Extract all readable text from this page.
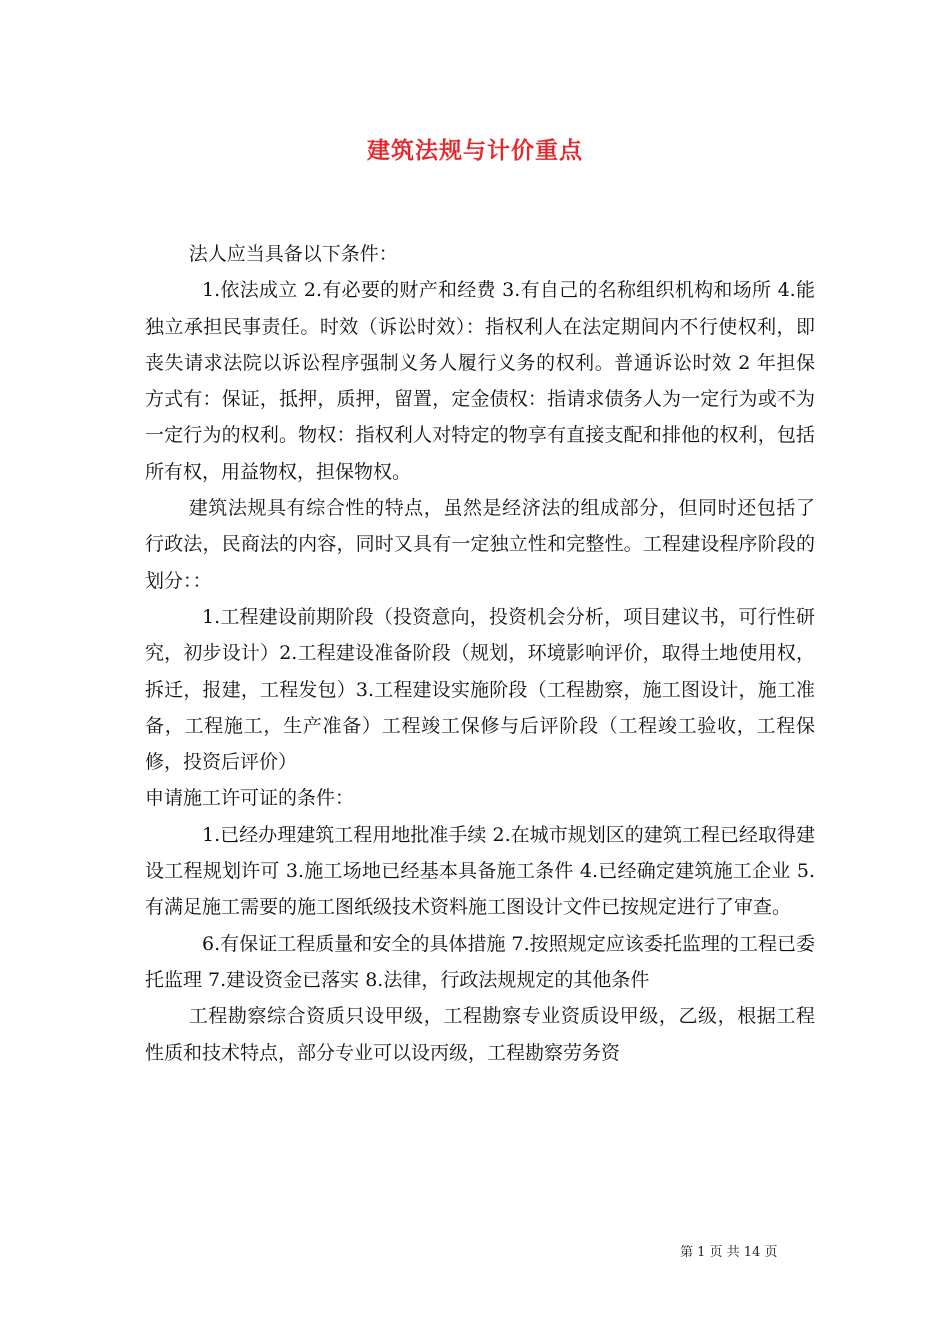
建筑法规与计价重点

法人应当具备以下条件：

1.依法成立 2.有必要的财产和经费 3.有自己的名称组织机构和场所 4.能独立承担民事责任。时效（诉讼时效）：指权利人在法定期间内不行使权利，即丧失请求法院以诉讼程序强制义务人履行义务的权利。普通诉讼时效 2 年担保方式有：保证，抵押，质押，留置，定金债权：指请求债务人为一定行为或不为一定行为的权利。物权：指权利人对特定的物享有直接支配和排他的权利，包括所有权，用益物权，担保物权。

建筑法规具有综合性的特点，虽然是经济法的组成部分，但同时还包括了行政法，民商法的内容，同时又具有一定独立性和完整性。工程建设程序阶段的划分：：

1.工程建设前期阶段（投资意向，投资机会分析，项目建议书，可行性研究，初步设计）2.工程建设准备阶段（规划，环境影响评价，取得土地使用权，拆迁，报建，工程发包）3.工程建设实施阶段（工程勘察，施工图设计，施工准备，工程施工，生产准备）工程竣工保修与后评阶段（工程竣工验收，工程保修，投资后评价）

申请施工许可证的条件：

1.已经办理建筑工程用地批准手续 2.在城市规划区的建筑工程已经取得建设工程规划许可 3.施工场地已经基本具备施工条件 4.已经确定建筑施工企业 5.有满足施工需要的施工图纸级技术资料施工图设计文件已按规定进行了审查。

6.有保证工程质量和安全的具体措施 7.按照规定应该委托监理的工程已委托监理 7.建设资金已落实 8.法律，行政法规规定的其他条件

工程勘察综合资质只设甲级，工程勘察专业资质设甲级，乙级，根据工程性质和技术特点，部分专业可以设丙级，工程勘察劳务资

第 1 页 共 14 页
